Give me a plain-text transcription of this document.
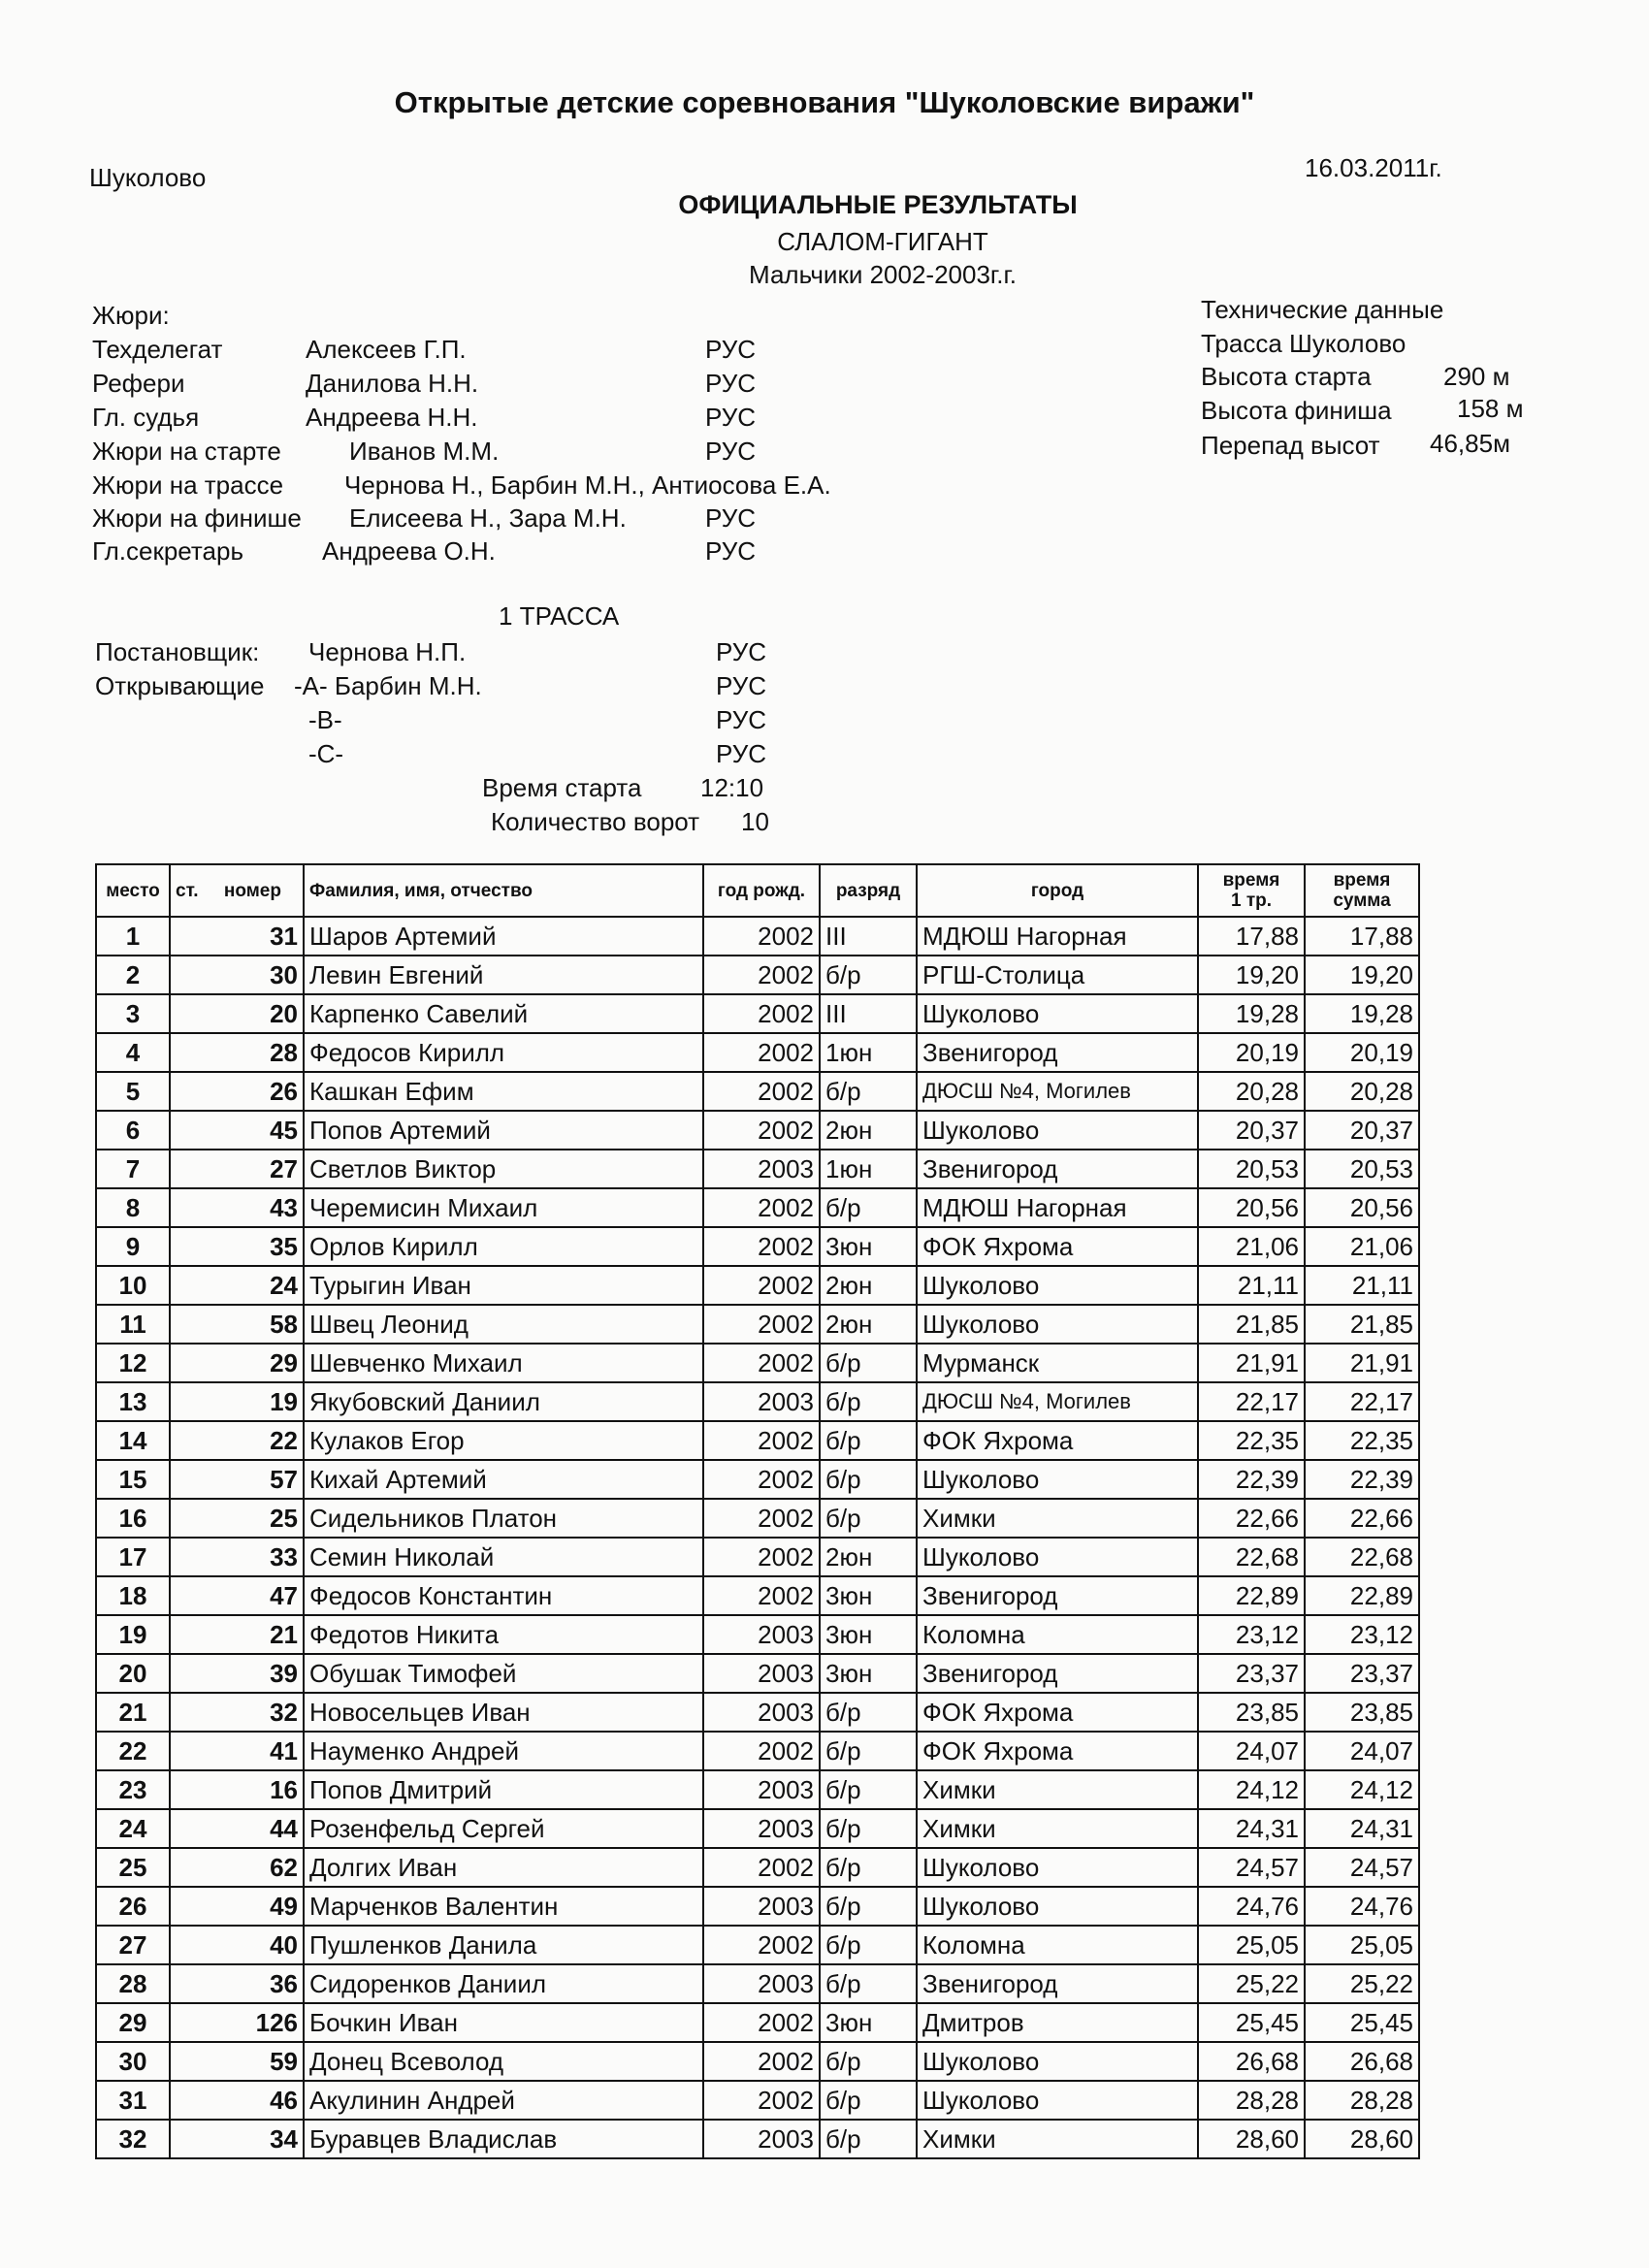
Открытые детские соревнования "Шуколовские виражи"
Шуколово	16.03.2011г.
ОФИЦИАЛЬНЫЕ РЕЗУЛЬТАТЫ
СЛАЛОМ-ГИГАНТ
Мальчики 2002-2003г.г.
Жюри:
Техделегат	Алексеев Г.П.	РУС
Рефери	Данилова Н.Н.	РУС
Гл. судья	Андреева Н.Н.	РУС
Жюри на старте	Иванов М.М.	РУС
Жюри на трассе Чернова Н., Барбин М.Н., Антиосова Е.А.
Жюри на финише Елисеева Н., Зара М.Н.	РУС
Гл.секретарь	Андреева О.Н.	РУС
Технические данные
Трасса Шуколово
Высота старта	290 м
Высота финиша	158 м
Перепад высот 46,85м
1 ТРАССА
Постановщик: Чернова Н.П.	РУС
Открывающие -А- Барбин М.Н.	РУС
-В-	РУС
-С-	РУС
Время старта 12:10
Количество ворот 10
место	ст. номер	Фамилия, имя, отчество	год рожд.	разряд	город	время
1 тр.	время
сумма

1	31	Шаров Артемий	2002	III	МДЮШ Нагорная	17,88	17,88
2	30	Левин Евгений	2002	б/р	РГШ-Столица	19,20	19,20
3	20	Карпенко Савелий	2002	III	Шуколово	19,28	19,28
4	28	Федосов Кирилл	2002	1юн	Звенигород	20,19	20,19
5	26	Кашкан Ефим	2002	б/р	ДЮСШ №4, Могилев	20,28	20,28
6	45	Попов Артемий	2002	2юн	Шуколово	20,37	20,37
7	27	Светлов Виктор	2003	1юн	Звенигород	20,53	20,53
8	43	Черемисин Михаил	2002	б/р	МДЮШ Нагорная	20,56	20,56
9	35	Орлов Кирилл	2002	3юн	ФОК Яхрома	21,06	21,06
10	24	Турыгин Иван	2002	2юн	Шуколово	21,11	21,11
11	58	Швец Леонид	2002	2юн	Шуколово	21,85	21,85
12	29	Шевченко Михаил	2002	б/р	Мурманск	21,91	21,91
13	19	Якубовский Даниил	2003	б/р	ДЮСШ №4, Могилев	22,17	22,17
14	22	Кулаков Егор	2002	б/р	ФОК Яхрома	22,35	22,35
15	57	Кихай Артемий	2002	б/р	Шуколово	22,39	22,39
16	25	Сидельников Платон	2002	б/р	Химки	22,66	22,66
17	33	Семин Николай	2002	2юн	Шуколово	22,68	22,68
18	47	Федосов Константин	2002	3юн	Звенигород	22,89	22,89
19	21	Федотов Никита	2003	3юн	Коломна	23,12	23,12
20	39	Обушак Тимофей	2003	3юн	Звенигород	23,37	23,37
21	32	Новосельцев Иван	2003	б/р	ФОК Яхрома	23,85	23,85
22	41	Науменко Андрей	2002	б/р	ФОК Яхрома	24,07	24,07
23	16	Попов Дмитрий	2003	б/р	Химки	24,12	24,12
24	44	Розенфельд Сергей	2003	б/р	Химки	24,31	24,31
25	62	Долгих Иван	2002	б/р	Шуколово	24,57	24,57
26	49	Марченков Валентин	2003	б/р	Шуколово	24,76	24,76
27	40	Пушленков Данила	2002	б/р	Коломна	25,05	25,05
28	36	Сидоренков Даниил	2003	б/р	Звенигород	25,22	25,22
29	126	Бочкин Иван	2002	3юн	Дмитров	25,45	25,45
30	59	Донец Всеволод	2002	б/р	Шуколово	26,68	26,68
31	46	Акулинин Андрей	2002	б/р	Шуколово	28,28	28,28
32	34	Буравцев Владислав	2003	б/р	Химки	28,60	28,60
